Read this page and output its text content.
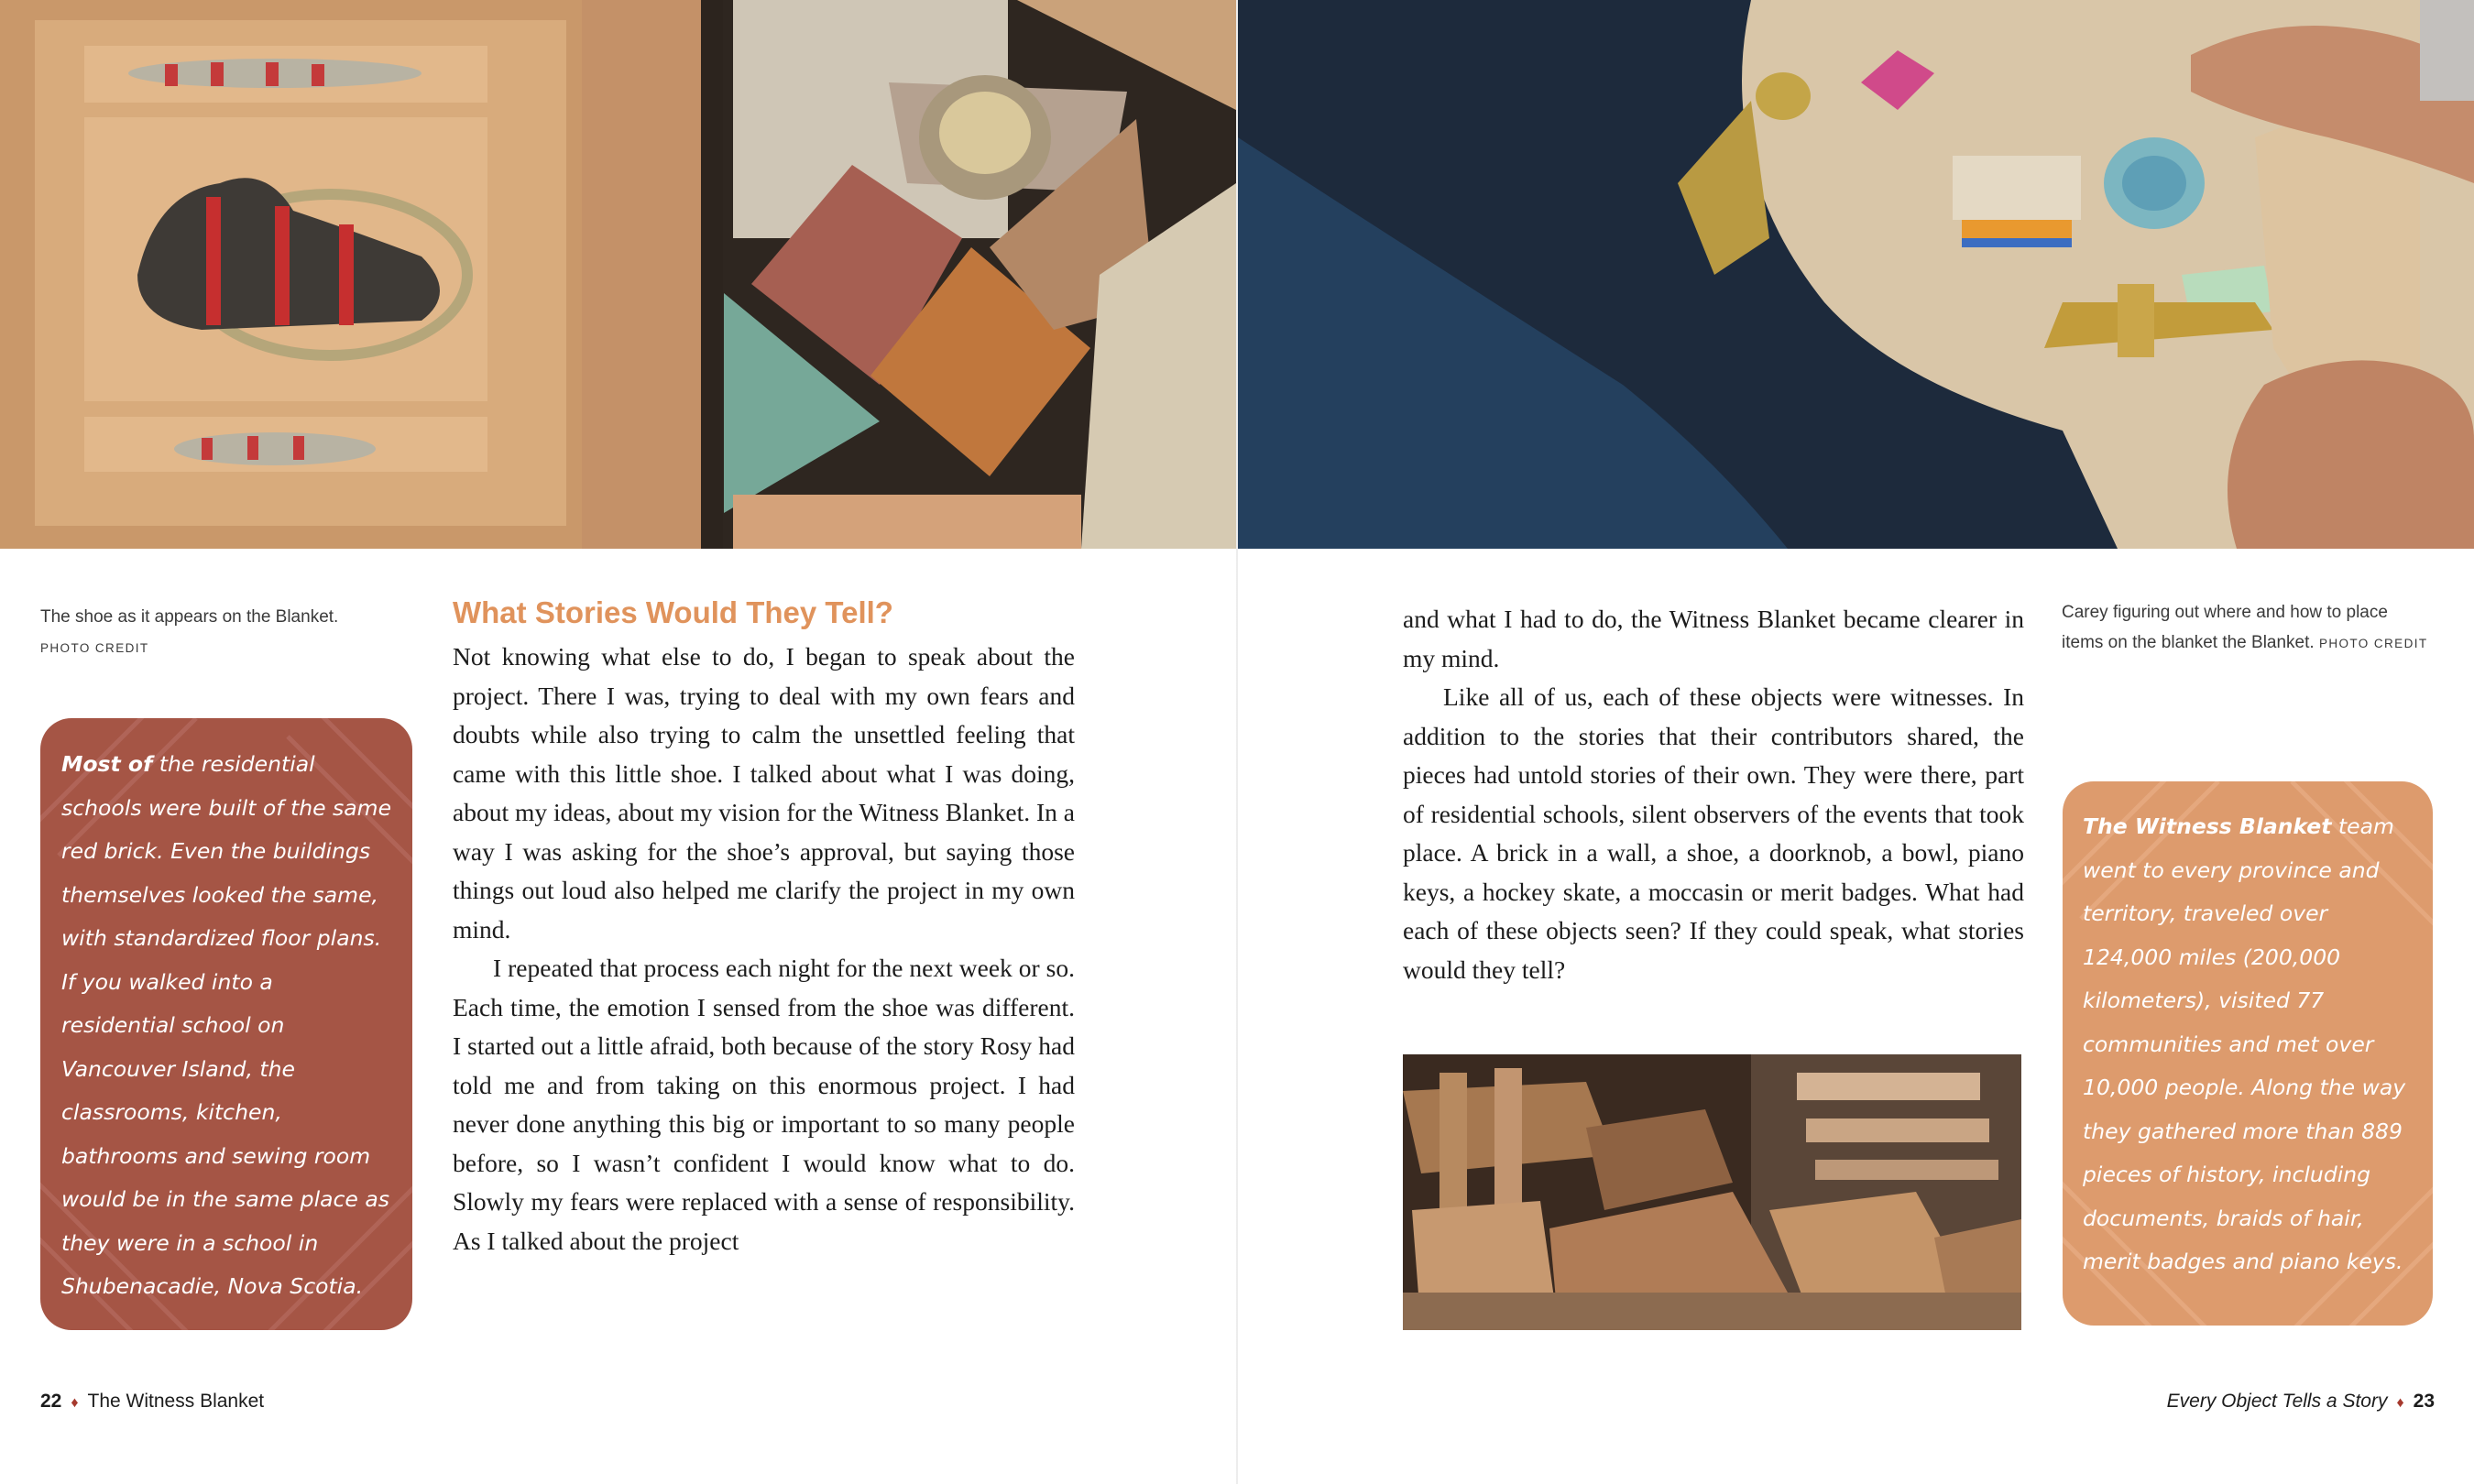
The shoe as it appears on the Blanket.
PHOTO CREDIT
Most of the residential schools were built of the same red brick. Even the buildings themselves looked the same, with standardized floor plans. If you walked into a residential school on Vancouver Island, the classrooms, kitchen, bathrooms and sewing room would be in the same place as they were in a school in Shubenacadie, Nova Scotia.
What Stories Would They Tell?

Not knowing what else to do, I began to speak about the project. There I was, trying to deal with my own fears and doubts while also trying to calm the unsettled feeling that came with this little shoe. I talked about what I was doing, about my ideas, about my vision for the Witness Blanket. In a way I was asking for the shoe’s approval, but saying those things out loud also helped me clarify the project in my own mind.

I repeated that process each night for the next week or so. Each time, the emotion I sensed from the shoe was different. I started out a little afraid, both because of the story Rosy had told me and from taking on this enormous project. I had never done anything this big or important to so many people before, so I wasn’t confident I would know what to do. Slowly my fears were replaced with a sense of responsibility. As I talked about the project

22 ♦ The Witness Blanket

and what I had to do, the Witness Blanket became clearer in my mind.

Like all of us, each of these objects were witnesses. In addition to the stories that their contributors shared, the pieces had untold stories of their own. They were there, part of residential schools, silent observers of the events that took place. A brick in a wall, a shoe, a doorknob, a bowl, piano keys, a hockey skate, a moccasin or merit badges. What had each of these objects seen? If they could speak, what stories would they tell?

Carey figuring out where and how to place items on the blanket the Blanket. PHOTO CREDIT
The Witness Blanket team went to every province and territory, traveled over 124,000 miles (200,000 kilometers), visited 77 communities and met over 10,000 people. Along the way they gathered more than 889 pieces of history, including documents, braids of hair, merit badges and piano keys.
Every Object Tells a Story ♦ 23
